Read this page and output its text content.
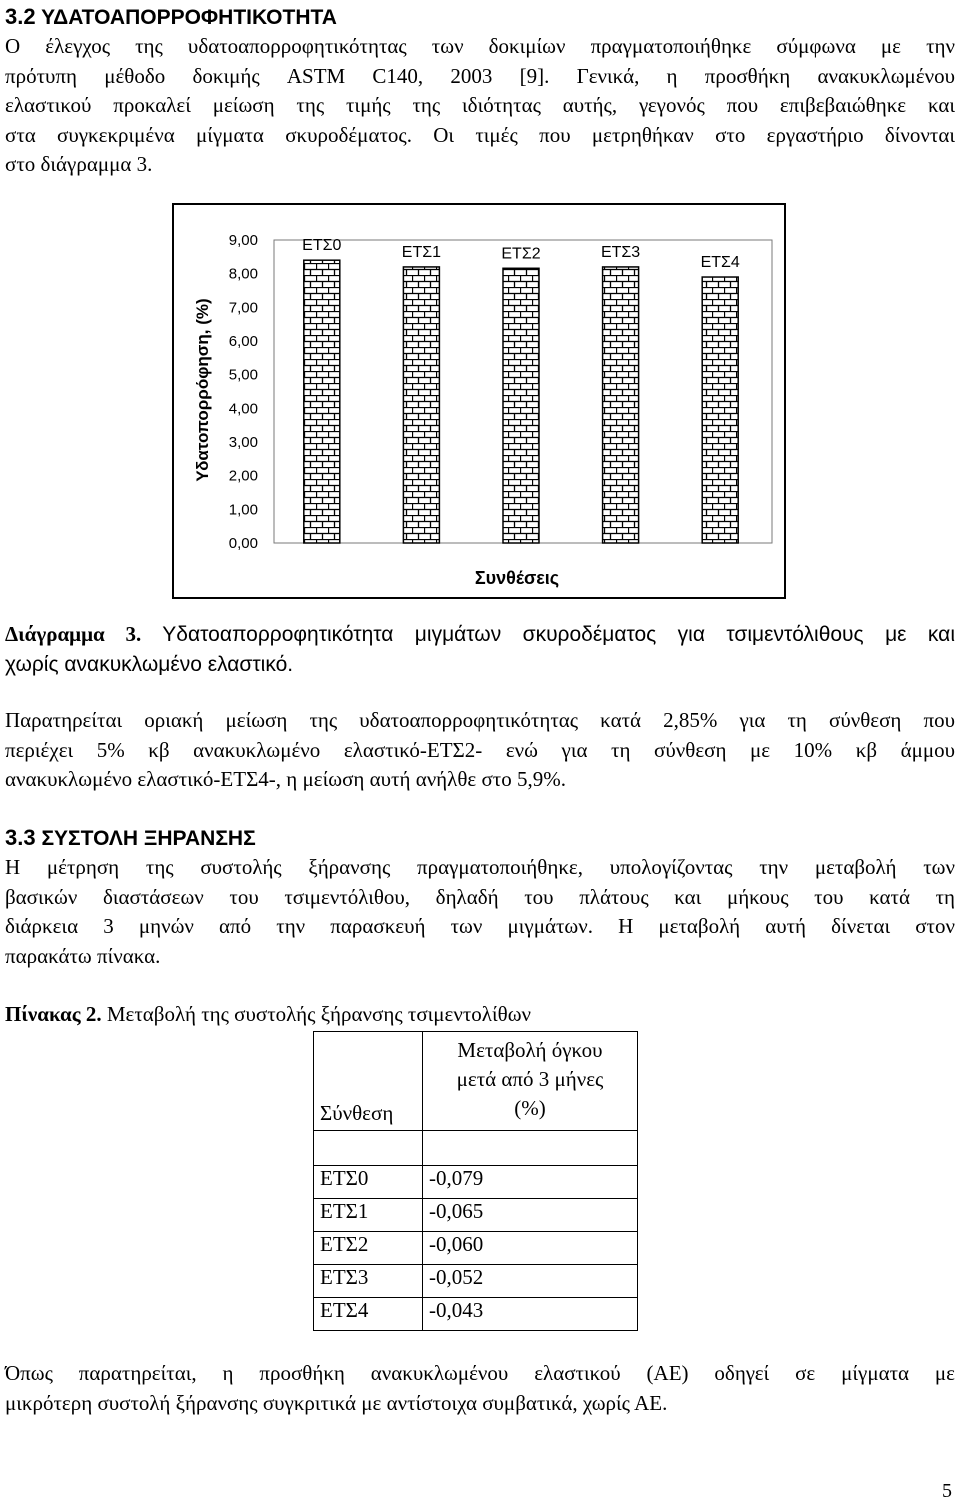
3.2 ΥΔΑΤΟΑΠΟΡΡΟΦΗΤΙΚΟΤΗΤΑ
Ο έλεγχος της υδατοαπορροφητικότητας των δοκιμίων πραγματοποιήθηκε σύμφωνα με την
πρότυπη μέθοδο δοκιμής ASTM C140, 2003 [9]. Γενικά, η προσθήκη ανακυκλωμένου
ελαστικού προκαλεί μείωση της τιμής της ιδιότητας αυτής, γεγονός που επιβεβαιώθηκε και
στα συγκεκριμένα μίγματα σκυροδέματος. Οι τιμές που μετρηθήκαν στο εργαστήριο δίνονται
στο διάγραμμα 3.
0,00
1,00
2,00
3,00
4,00
5,00
6,00
7,00
8,00
9,00	ΕΤΣ0	ΕΤΣ1	ΕΤΣ2	ΕΤΣ3
ΕΤΣ4
Υδατοπορρόφηση, (%)
Συνθέσεις
Διάγραμμα 3. Υδατοαπορροφητικότητα μιγμάτων σκυροδέματος για τσιμεντόλιθους με και
χωρίς ανακυκλωμένο ελαστικό.
Παρατηρείται οριακή μείωση της υδατοαπορροφητικότητας κατά 2,85% για τη σύνθεση που
περιέχει 5% κβ ανακυκλωμένο ελαστικό-ΕΤΣ2- ενώ για τη σύνθεση με 10% κβ άμμου
ανακυκλωμένο ελαστικό-ΕΤΣ4-, η μείωση αυτή ανήλθε στο 5,9%.
3.3 ΣΥΣΤΟΛΗ ΞΗΡΑΝΣΗΣ
Η μέτρηση της συστολής ξήρανσης πραγματοποιήθηκε, υπολογίζοντας την μεταβολή των
βασικών διαστάσεων του τσιμεντόλιθου, δηλαδή του πλάτους και μήκους του κατά τη
διάρκεια 3 μηνών από την παρασκευή των μιγμάτων. Η μεταβολή αυτή δίνεται στον
παρακάτω πίνακα.
Πίνακας 2. Μεταβολή της συστολής ξήρανσης τσιμεντολίθων
Σύνθεση	Μεταβολή όγκου
μετά από 3 μήνες
(%)

ΕΤΣ0	-0,079
ΕΤΣ1	-0,065
ΕΤΣ2	-0,060
ΕΤΣ3	-0,052
ΕΤΣ4	-0,043
Όπως παρατηρείται, η προσθήκη ανακυκλωμένου ελαστικού (ΑΕ) οδηγεί σε μίγματα με
μικρότερη συστολή ξήρανσης συγκριτικά με αντίστοιχα συμβατικά, χωρίς ΑΕ.
5
